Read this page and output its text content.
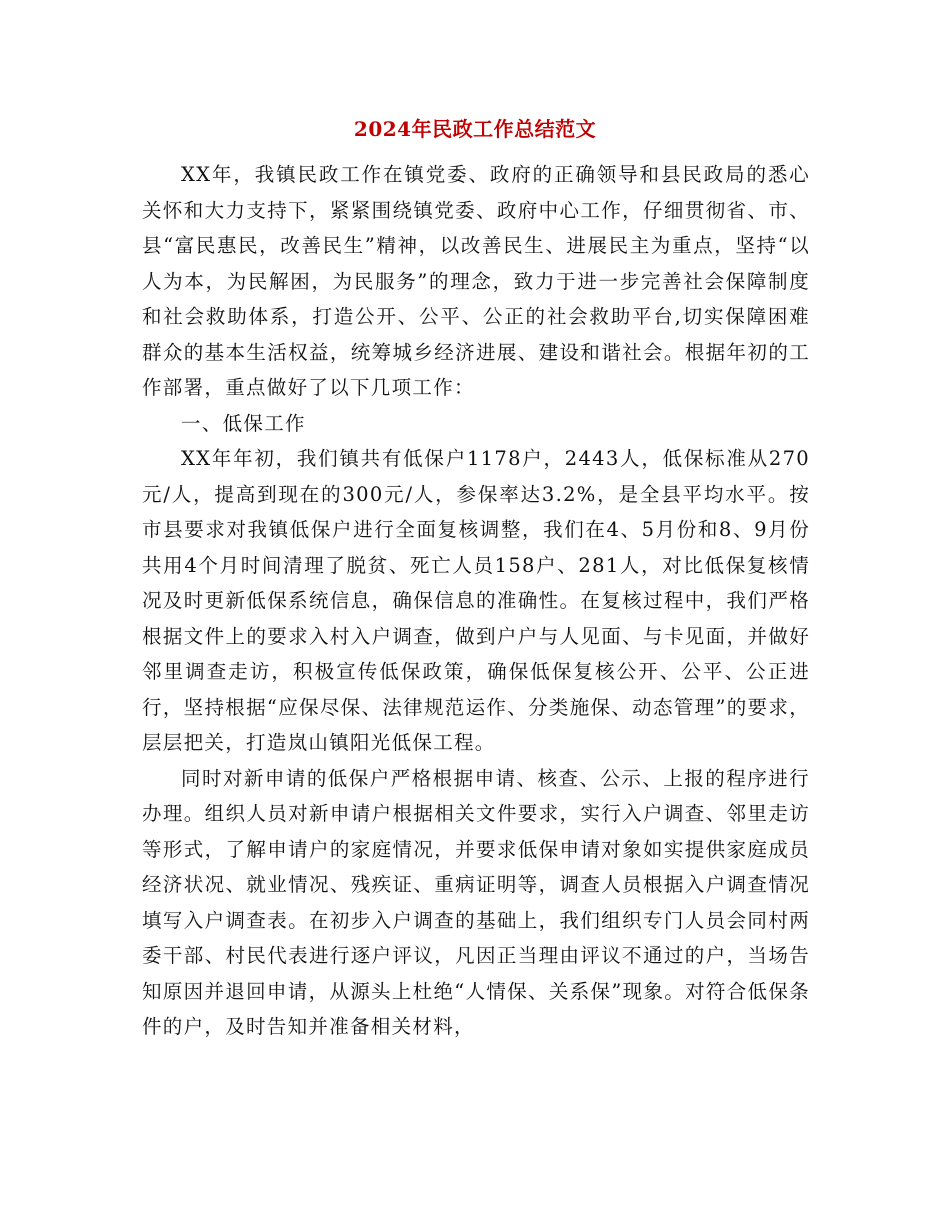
2024年民政工作总结范文

XX年，我镇民政工作在镇党委、政府的正确领导和县民政局的悉心关怀和大力支持下，紧紧围绕镇党委、政府中心工作，仔细贯彻省、市、县“富民惠民，改善民生”精神，以改善民生、进展民主为重点，坚持“以人为本，为民解困，为民服务”的理念，致力于进一步完善社会保障制度和社会救助体系，打造公开、公平、公正的社会救助平台,切实保障困难群众的基本生活权益，统筹城乡经济进展、建设和谐社会。根据年初的工作部署，重点做好了以下几项工作：

一、低保工作

XX年年初，我们镇共有低保户1178户，2443人，低保标准从270元/人，提高到现在的300元/人，参保率达3.2%，是全县平均水平。按市县要求对我镇低保户进行全面复核调整，我们在4、5月份和8、9月份共用4个月时间清理了脱贫、死亡人员158户、281人，对比低保复核情况及时更新低保系统信息，确保信息的准确性。在复核过程中，我们严格根据文件上的要求入村入户调查，做到户户与人见面、与卡见面，并做好邻里调查走访，积极宣传低保政策，确保低保复核公开、公平、公正进行，坚持根据“应保尽保、法律规范运作、分类施保、动态管理”的要求，层层把关，打造岚山镇阳光低保工程。

同时对新申请的低保户严格根据申请、核查、公示、上报的程序进行办理。组织人员对新申请户根据相关文件要求，实行入户调查、邻里走访等形式，了解申请户的家庭情况，并要求低保申请对象如实提供家庭成员经济状况、就业情况、残疾证、重病证明等，调查人员根据入户调查情况填写入户调查表。在初步入户调查的基础上，我们组织专门人员会同村两委干部、村民代表进行逐户评议，凡因正当理由评议不通过的户，当场告知原因并退回申请，从源头上杜绝“人情保、关系保”现象。对符合低保条件的户，及时告知并准备相关材料，
